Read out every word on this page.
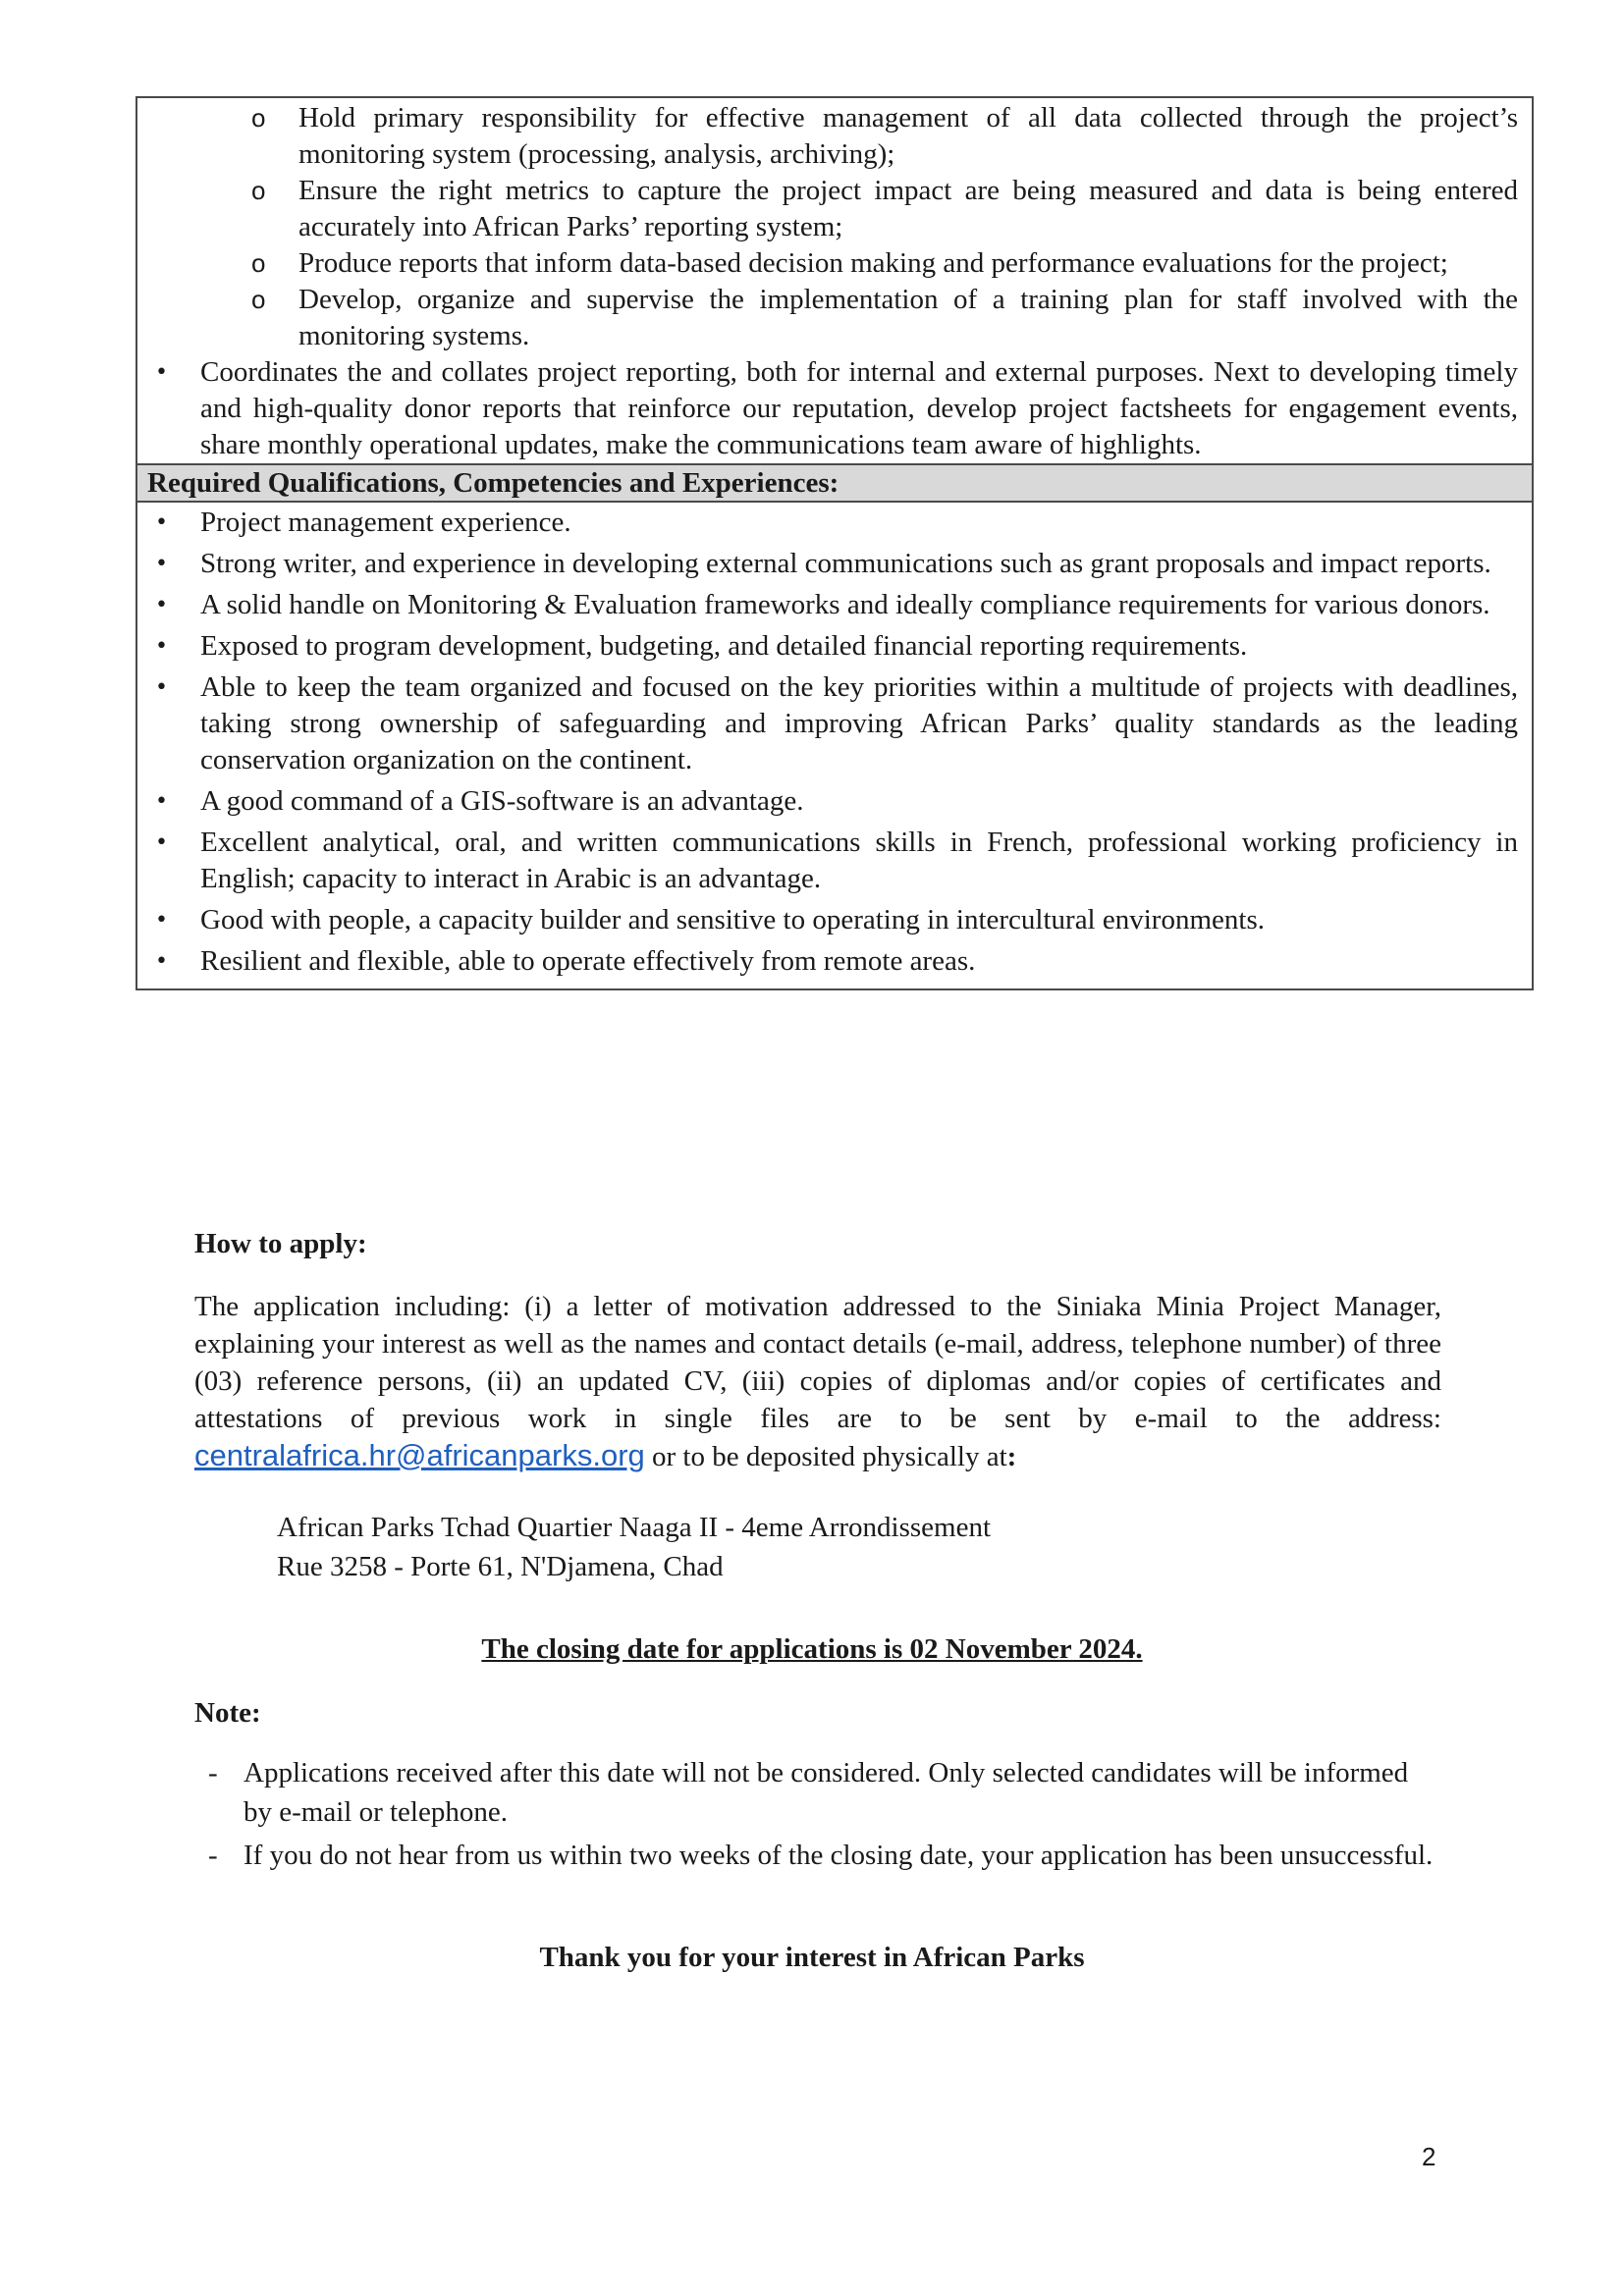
o Hold primary responsibility for effective management of all data collected through the project’s monitoring system (processing, analysis, archiving);
o Ensure the right metrics to capture the project impact are being measured and data is being entered accurately into African Parks’ reporting system;
o Produce reports that inform data-based decision making and performance evaluations for the project;
o Develop, organize and supervise the implementation of a training plan for staff involved with the monitoring systems.
• Coordinates the and collates project reporting, both for internal and external purposes. Next to developing timely and high-quality donor reports that reinforce our reputation, develop project factsheets for engagement events, share monthly operational updates, make the communications team aware of highlights.
Required Qualifications, Competencies and Experiences:
• Project management experience.
• Strong writer, and experience in developing external communications such as grant proposals and impact reports.
• A solid handle on Monitoring & Evaluation frameworks and ideally compliance requirements for various donors.
• Exposed to program development, budgeting, and detailed financial reporting requirements.
• Able to keep the team organized and focused on the key priorities within a multitude of projects with deadlines, taking strong ownership of safeguarding and improving African Parks’ quality standards as the leading conservation organization on the continent.
• A good command of a GIS-software is an advantage.
• Excellent analytical, oral, and written communications skills in French, professional working proficiency in English; capacity to interact in Arabic is an advantage.
• Good with people, a capacity builder and sensitive to operating in intercultural environments.
• Resilient and flexible, able to operate effectively from remote areas.
How to apply:
The application including: (i) a letter of motivation addressed to the Siniaka Minia Project Manager, explaining your interest as well as the names and contact details (e-mail, address, telephone number) of three (03) reference persons, (ii) an updated CV, (iii) copies of diplomas and/or copies of certificates and attestations of previous work in single files are to be sent by e-mail to the address: centralafrica.hr@africanparks.org or to be deposited physically at:
African Parks Tchad Quartier Naaga II - 4eme Arrondissement
Rue 3258 - Porte 61, N'Djamena, Chad
The closing date for applications is 02 November 2024.
Note:
- Applications received after this date will not be considered. Only selected candidates will be informed by e-mail or telephone.
- If you do not hear from us within two weeks of the closing date, your application has been unsuccessful.
Thank you for your interest in African Parks
2
